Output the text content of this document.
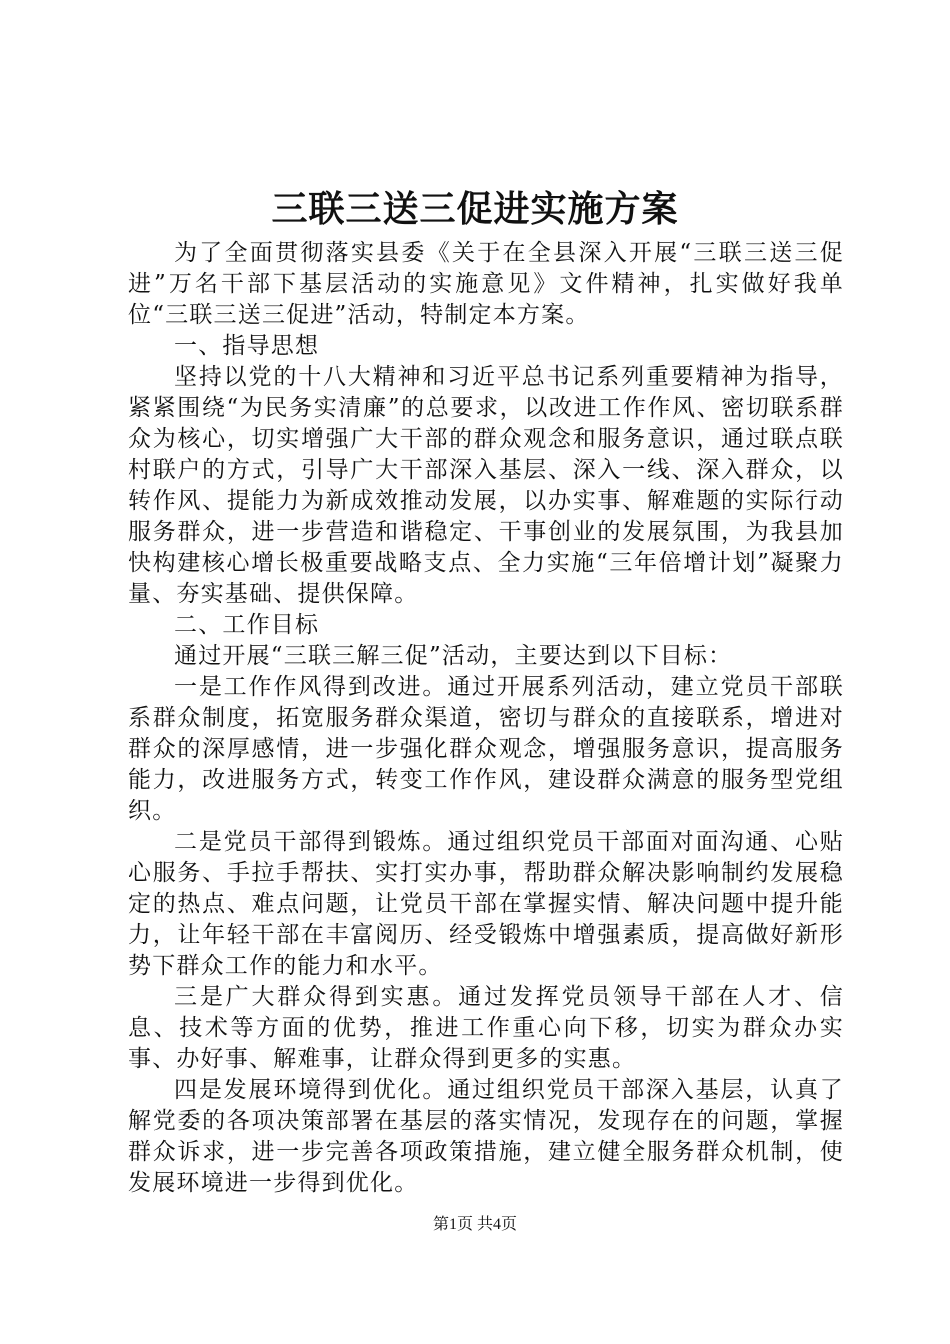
三联三送三促进实施方案

为了全面贯彻落实县委《关于在全县深入开展“三联三送三促进”万名干部下基层活动的实施意见》文件精神，扎实做好我单位“三联三送三促进”活动，特制定本方案。

一、指导思想

坚持以党的十八大精神和习近平总书记系列重要精神为指导，紧紧围绕“为民务实清廉”的总要求，以改进工作作风、密切联系群众为核心，切实增强广大干部的群众观念和服务意识，通过联点联村联户的方式，引导广大干部深入基层、深入一线、深入群众，以转作风、提能力为新成效推动发展，以办实事、解难题的实际行动服务群众，进一步营造和谐稳定、干事创业的发展氛围，为我县加快构建核心增长极重要战略支点、全力实施“三年倍增计划”凝聚力量、夯实基础、提供保障。

二、工作目标

通过开展“三联三解三促”活动，主要达到以下目标：

一是工作作风得到改进。通过开展系列活动，建立党员干部联系群众制度，拓宽服务群众渠道，密切与群众的直接联系，增进对群众的深厚感情，进一步强化群众观念，增强服务意识，提高服务能力，改进服务方式，转变工作作风，建设群众满意的服务型党组织。

二是党员干部得到锻炼。通过组织党员干部面对面沟通、心贴心服务、手拉手帮扶、实打实办事，帮助群众解决影响制约发展稳定的热点、难点问题，让党员干部在掌握实情、解决问题中提升能力，让年轻干部在丰富阅历、经受锻炼中增强素质，提高做好新形势下群众工作的能力和水平。

三是广大群众得到实惠。通过发挥党员领导干部在人才、信息、技术等方面的优势，推进工作重心向下移，切实为群众办实事、办好事、解难事，让群众得到更多的实惠。

四是发展环境得到优化。通过组织党员干部深入基层，认真了解党委的各项决策部署在基层的落实情况，发现存在的问题，掌握群众诉求，进一步完善各项政策措施，建立健全服务群众机制，使发展环境进一步得到优化。

第1页 共4页
